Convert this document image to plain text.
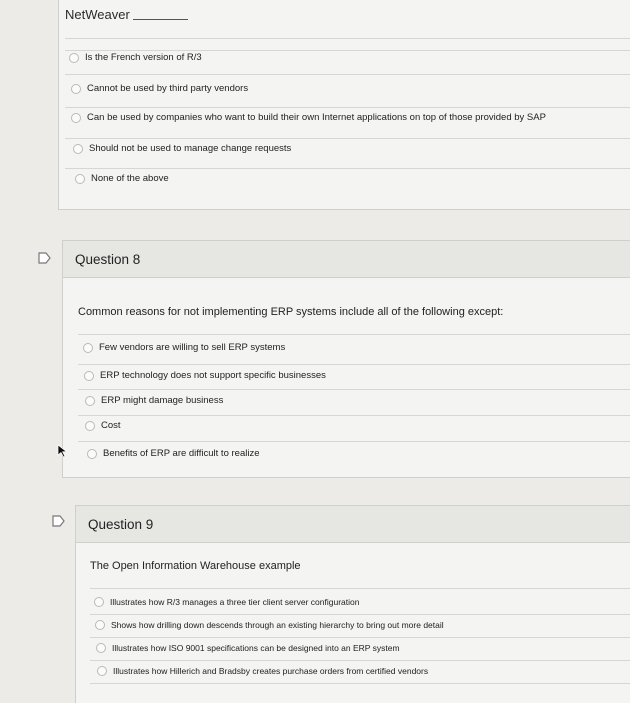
NetWeaver
Is the French version of R/3
Cannot be used by third party vendors
Can be used by companies who want to build their own Internet applications on top of those provided by SAP
Should not be used to manage change requests
None of the above
Question 8
Common reasons for not implementing ERP systems include all of the following except:
Few vendors are willing to sell ERP systems
ERP technology does not support specific businesses
ERP might damage business
Cost
Benefits of ERP are difficult to realize
Question 9
The Open Information Warehouse example
Illustrates how R/3 manages a three tier client server configuration
Shows how drilling down descends through an existing hierarchy to bring out more detail
Illustrates how ISO 9001 specifications can be designed into an ERP system
Illustrates how Hillerich and Bradsby creates purchase orders from certified vendors
